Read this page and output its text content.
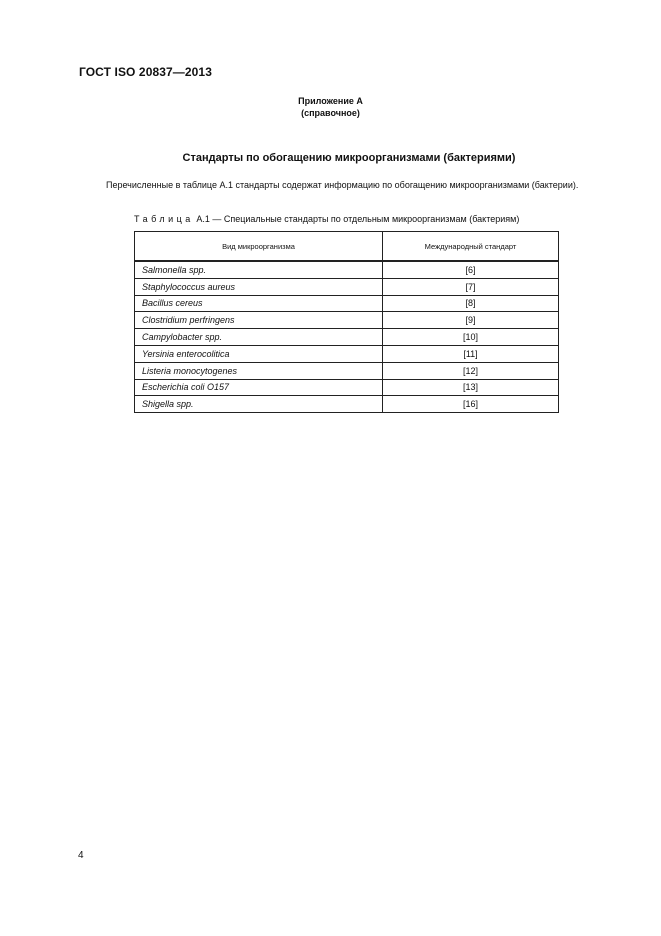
ГОСТ ISO 20837—2013
Приложение А
(справочное)
Стандарты по обогащению микроорганизмами (бактериями)
Перечисленные в таблице А.1 стандарты содержат информацию по обогащению микроорганизмами (бактерии).
Таблица А.1 — Специальные стандарты по отдельным микроорганизмам (бактериям)
Вид микроорганизма	Международный стандарт
Salmonella spp.	[6]
Staphylococcus aureus	[7]
Bacillus cereus	[8]
Clostridium perfringens	[9]
Campylobacter spp.	[10]
Yersinia enterocolitica	[11]
Listeria monocytogenes	[12]
Escherichia coli O157	[13]
Shigella spp.	[16]
4
